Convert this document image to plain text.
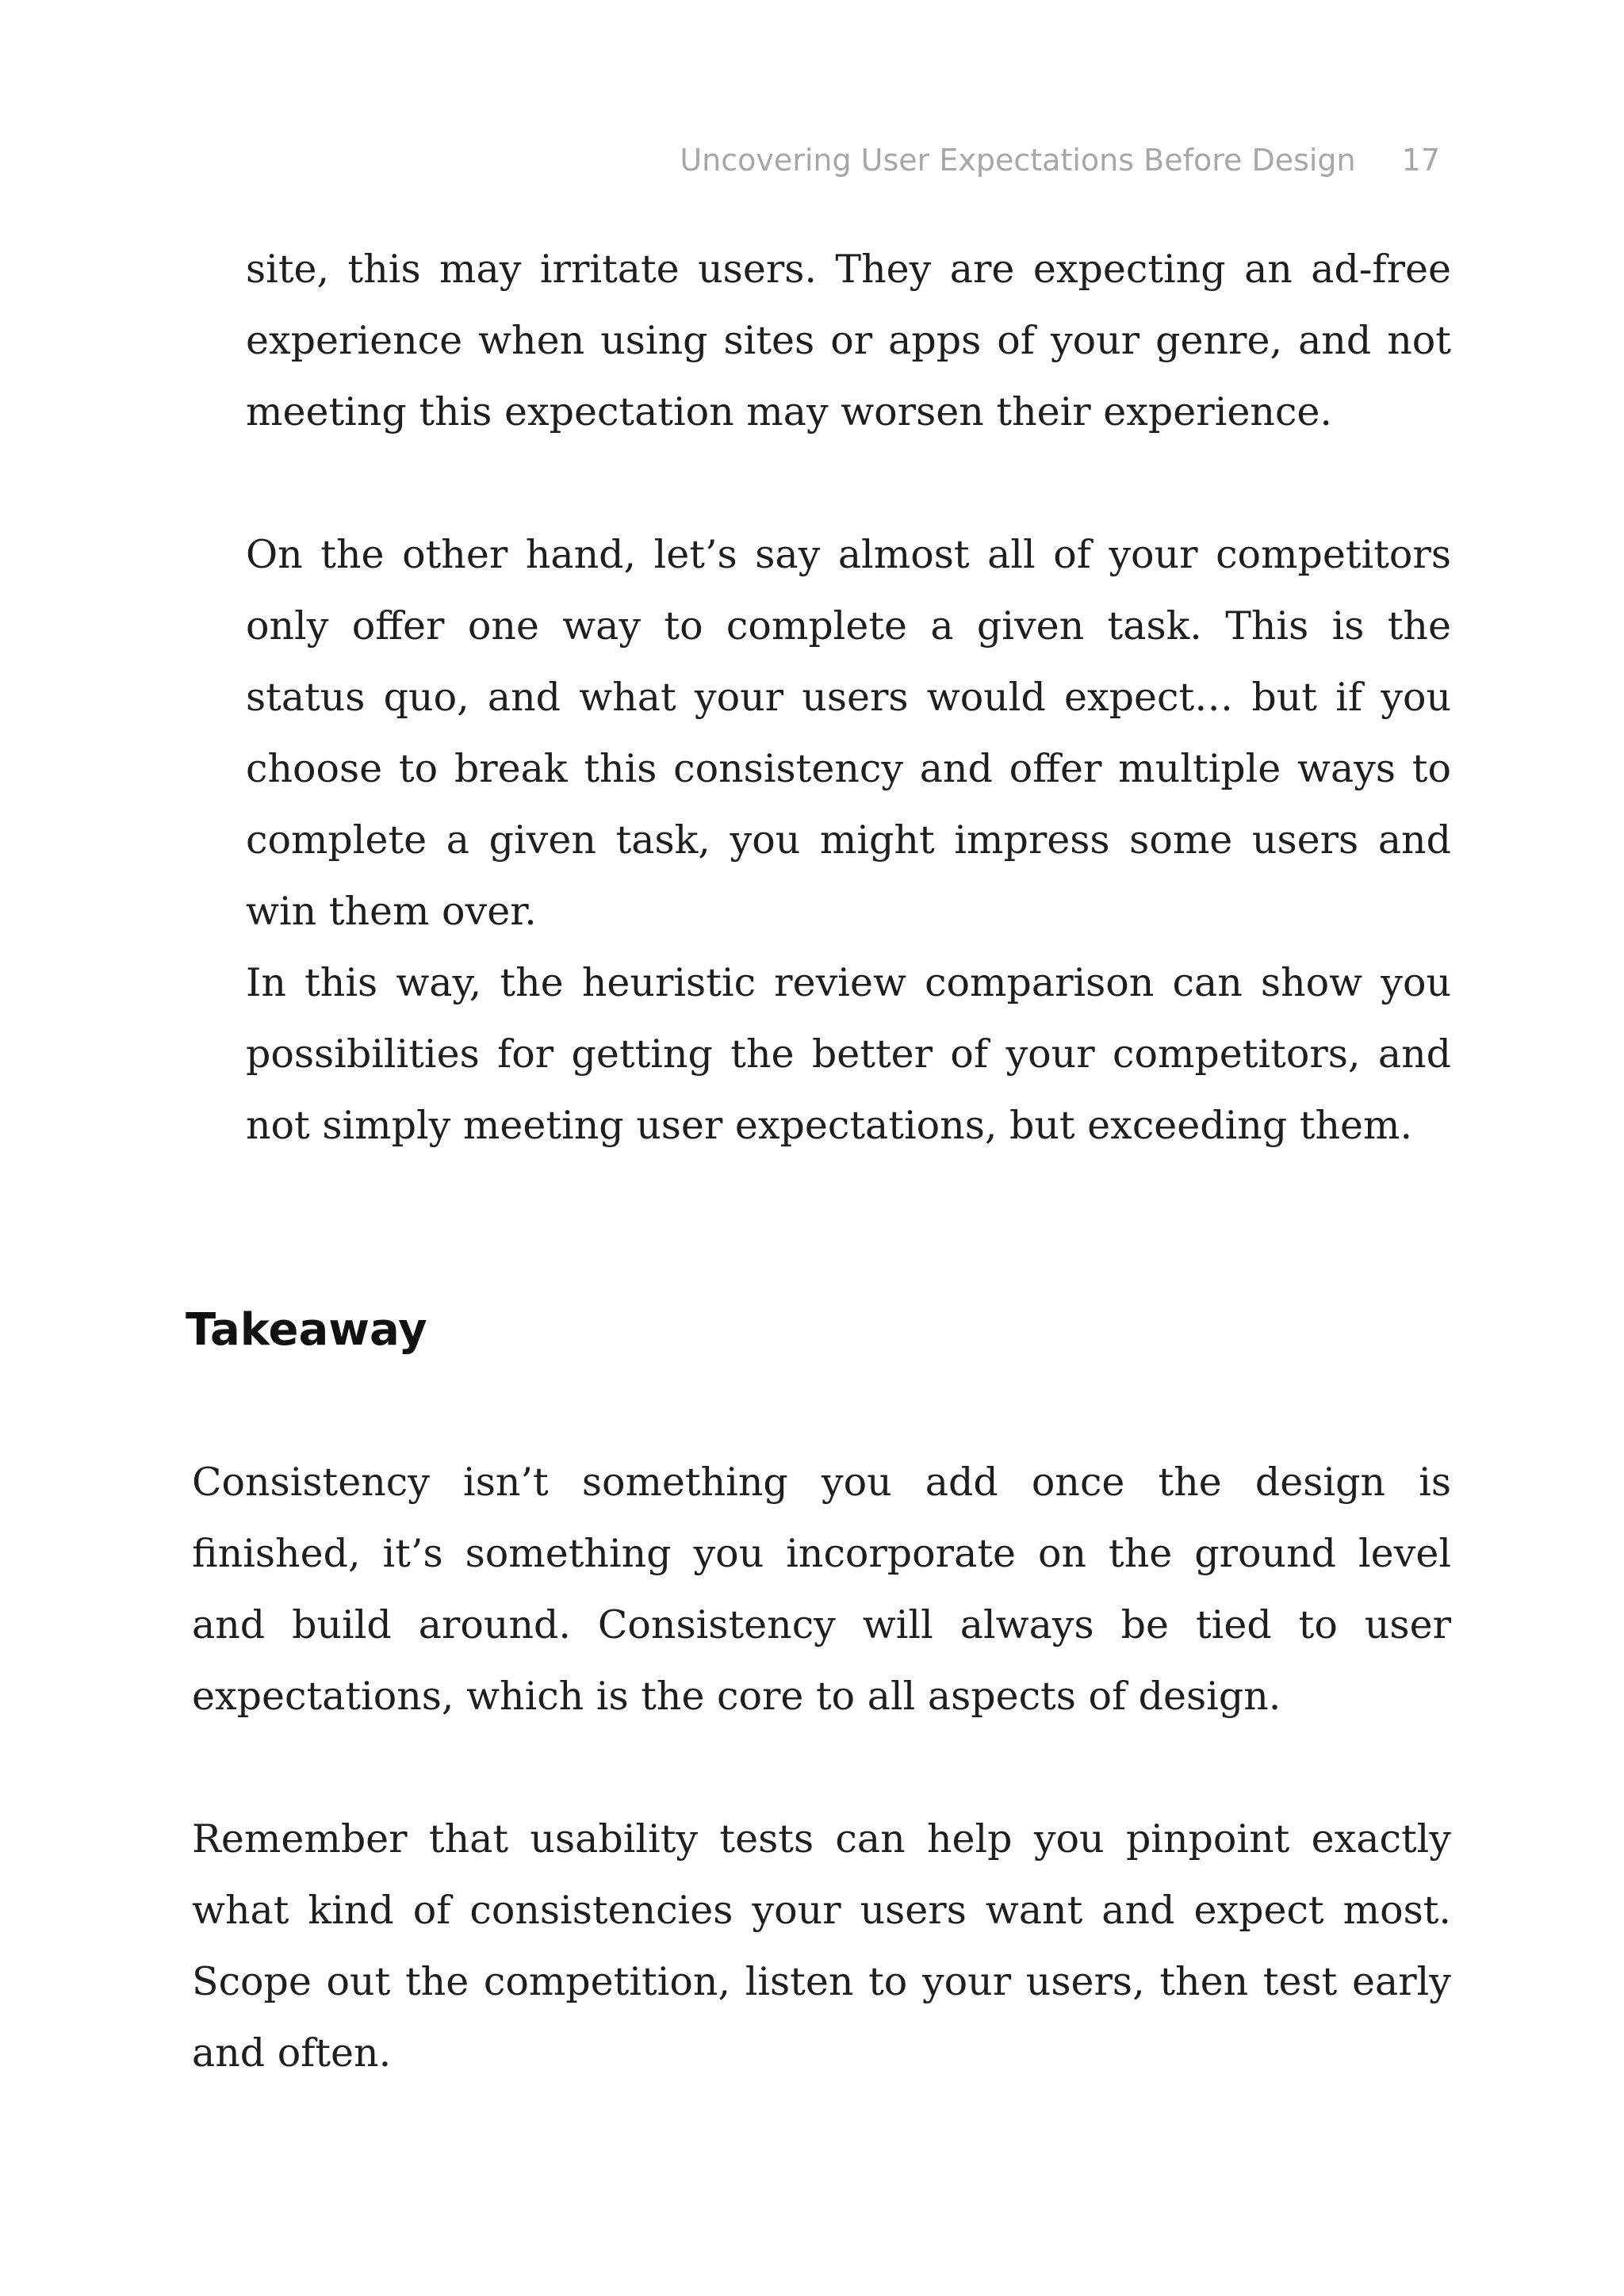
Uncovering User Expectations Before Design 17

site, this may irritate users. They are expecting an ad-free experience when using sites or apps of your genre, and not meeting this expectation may worsen their experience.

On the other hand, let’s say almost all of your competitors only offer one way to complete a given task. This is the status quo, and what your users would expect… but if you choose to break this consistency and offer multiple ways to complete a given task, you might impress some users and win them over.

In this way, the heuristic review comparison can show you possibilities for getting the better of your competitors, and not simply meeting user expectations, but exceeding them.

Takeaway

Consistency isn’t something you add once the design is finished, it’s something you incorporate on the ground level and build around. Consistency will always be tied to user expectations, which is the core to all aspects of design.

Remember that usability tests can help you pinpoint exactly what kind of consistencies your users want and expect most. Scope out the competition, listen to your users, then test early and often.
